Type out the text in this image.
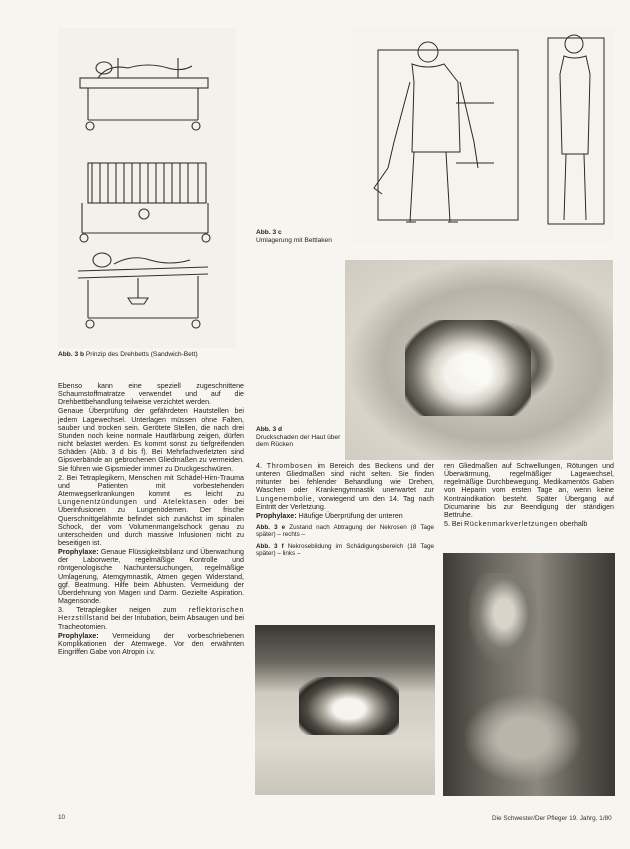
Abb. 3 b Prinzip des Drehbetts (Sandwich-Bett)
Abb. 3 c
Umlagerung mit Bettlaken
Abb. 3 d
Druckschaden der Haut über dem Rücken

Ebenso kann eine speziell zugeschnittene Schaumstoffmatratze verwendet und auf die Drehbettbehandlung teilweise verzichtet werden.

Genaue Überprüfung der gefährdeten Hautstellen bei jedem Lagewechsel. Unterlagen müssen ohne Falten, sauber und trocken sein. Gerötete Stellen, die nach drei Stunden noch keine normale Hautfärbung zeigen, dürfen nicht belastet werden. Es kommt sonst zu tiefgreifenden Schäden (Abb. 3 d bis f). Bei Mehrfachverletzten sind Gipsverbände an gebrochenen Gliedmaßen zu vermeiden. Sie führen wie Gipsmieder immer zu Druckgeschwüren.

2. Bei Tetraplegikern, Menschen mit Schädel-Hirn-Trauma und Patienten mit vorbestehenden Atemwegserkrankungen kommt es leicht zu Lungenentzündungen und Atelektasen oder bei Überinfusionen zu Lungenödemen. Der frische Querschnittgelähmte befindet sich zunächst im spinalen Schock, der vom Volumenmangelschock genau zu unterscheiden und durch massive Infusionen nicht zu beseitigen ist.

Prophylaxe: Genaue Flüssigkeitsbilanz und Überwachung der Laborwerte, regelmäßige Kontrolle und röntgenologische Nachuntersuchungen, regelmäßige Umlagerung, Atemgymnastik, Atmen gegen Widerstand, ggf. Beatmung. Hilfe beim Abhusten. Vermeidung der Überdehnung von Magen und Darm. Gezielte Aspiration. Magensonde.

3. Tetraplegiker neigen zum reflektorischen Herzstillstand bei der Intubation, beim Absaugen und bei Tracheotomien.

Prophylaxe: Vermeidung der vorbeschriebenen Komplikationen der Atemwege. Vor den erwähnten Eingriffen Gabe von Atropin i.v.

4. Thrombosen im Bereich des Beckens und der unteren Gliedmaßen sind nicht selten. Sie finden mitunter bei fehlender Behandlung wie Drehen, Waschen oder Krankengymnastik unerwartet zur Lungenembolie, vorwiegend um den 14. Tag nach Eintritt der Verletzung.

Prophylaxe: Häufige Überprüfung der unteren

Abb. 3 e Zustand nach Abtragung der Nekrosen (8 Tage später) – rechts –

Abb. 3 f Nekrosebildung im Schädigungsbereich (18 Tage später) – links –

ren Gliedmaßen auf Schwellungen, Rötungen und Überwärmung, regelmäßiger Lagewechsel, regelmäßige Durchbewegung. Medikamentös Gaben von Heparin vom ersten Tage an, wenn keine Kontraindikation besteht. Später Übergang auf Dicumarine bis zur Beendigung der ständigen Bettruhe.

5. Bei Rückenmarkverletzungen oberhalb

10	Die Schwester/Der Pfleger 19. Jahrg. 1/80
